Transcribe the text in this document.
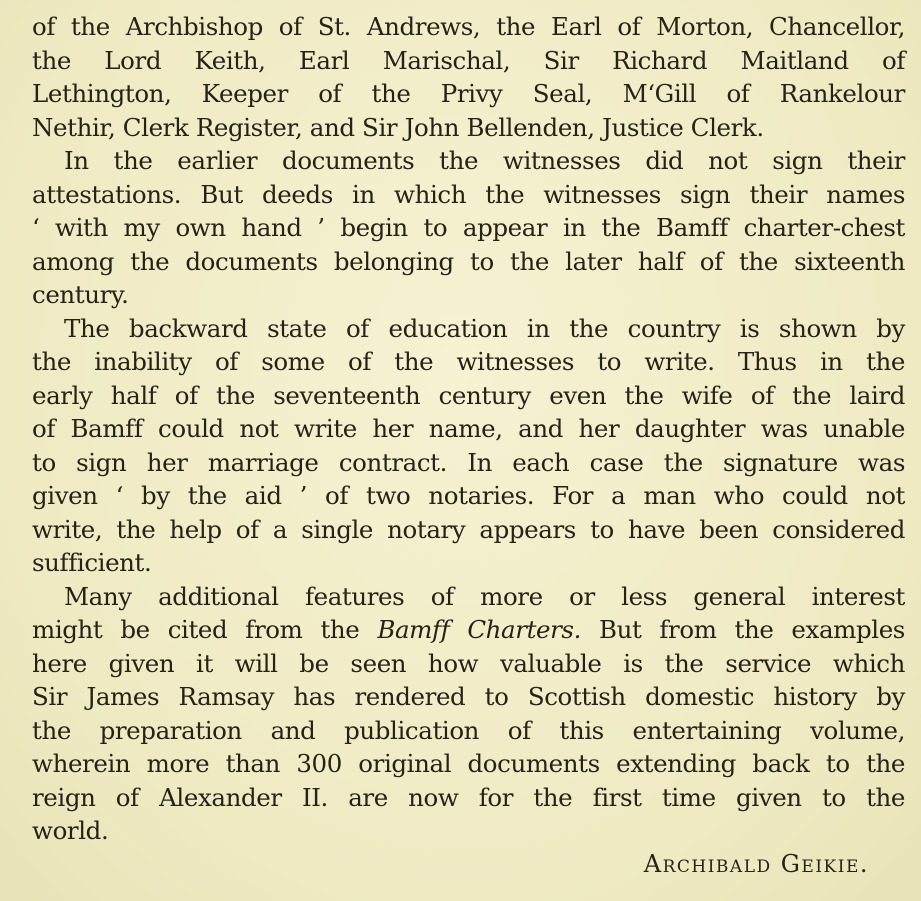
of the Archbishop of St. Andrews, the Earl of Morton, Chancellor,
the Lord Keith, Earl Marischal, Sir Richard Maitland of
Lethington, Keeper of the Privy Seal, M‘Gill of Rankelour
Nethir, Clerk Register, and Sir John Bellenden, Justice Clerk.

In the earlier documents the witnesses did not sign their
attestations. But deeds in which the witnesses sign their names
‘ with my own hand ’ begin to appear in the Bamff charter-chest
among the documents belonging to the later half of the sixteenth
century.

The backward state of education in the country is shown by
the inability of some of the witnesses to write. Thus in the
early half of the seventeenth century even the wife of the laird
of Bamff could not write her name, and her daughter was unable
to sign her marriage contract. In each case the signature was
given ‘ by the aid ’ of two notaries. For a man who could not
write, the help of a single notary appears to have been considered
sufficient.

Many additional features of more or less general interest
might be cited from the Bamff Charters. But from the examples
here given it will be seen how valuable is the service which
Sir James Ramsay has rendered to Scottish domestic history by
the preparation and publication of this entertaining volume,
wherein more than 300 original documents extending back to the
reign of Alexander II. are now for the first time given to the
world.

Archibald Geikie.
